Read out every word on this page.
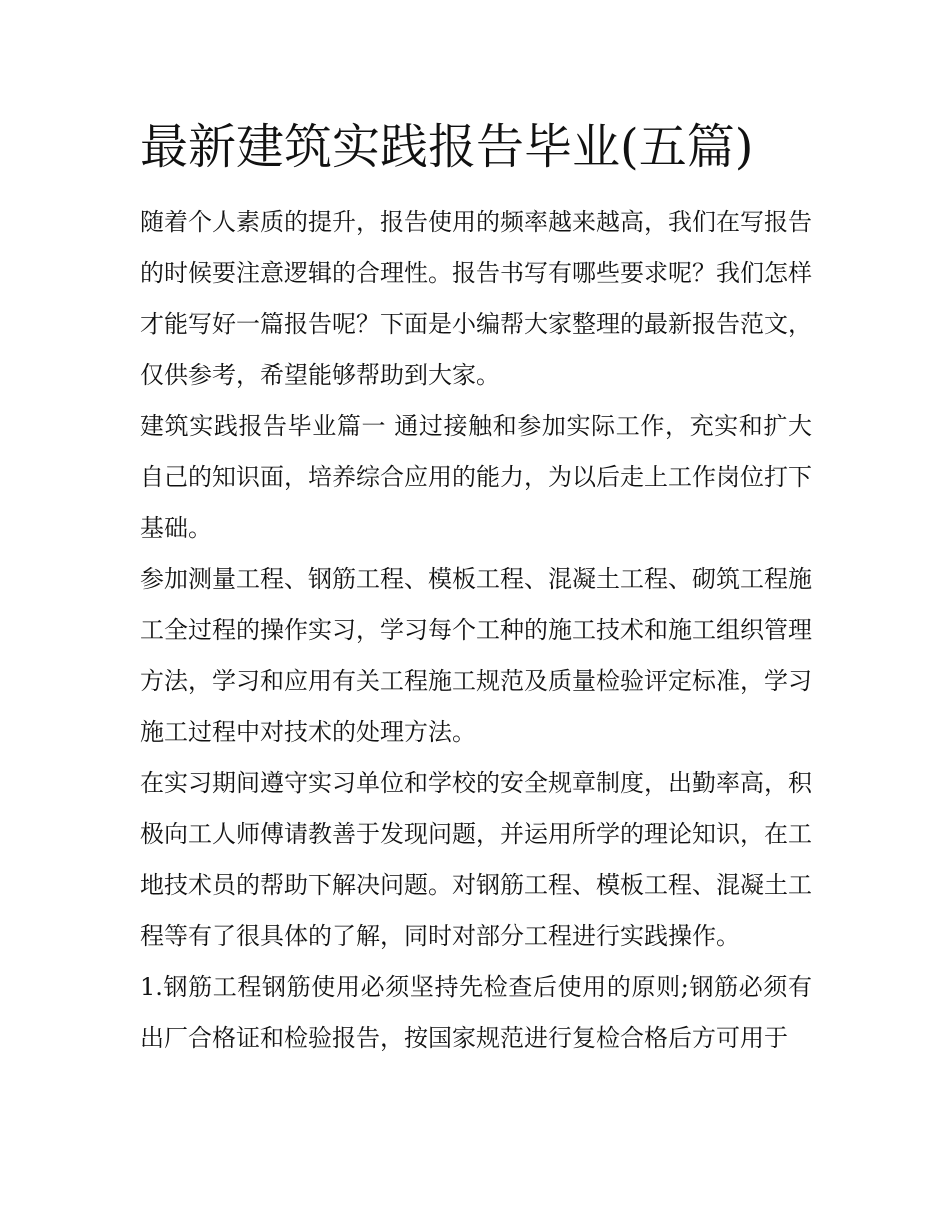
最新建筑实践报告毕业(五篇)

随着个人素质的提升，报告使用的频率越来越高，我们在写报告的时候要注意逻辑的合理性。报告书写有哪些要求呢？我们怎样才能写好一篇报告呢？下面是小编帮大家整理的最新报告范文，仅供参考，希望能够帮助到大家。

建筑实践报告毕业篇一 通过接触和参加实际工作，充实和扩大自己的知识面，培养综合应用的能力，为以后走上工作岗位打下基础。

参加测量工程、钢筋工程、模板工程、混凝土工程、砌筑工程施工全过程的操作实习，学习每个工种的施工技术和施工组织管理方法，学习和应用有关工程施工规范及质量检验评定标准，学习施工过程中对技术的处理方法。

在实习期间遵守实习单位和学校的安全规章制度，出勤率高，积极向工人师傅请教善于发现问题，并运用所学的理论知识，在工地技术员的帮助下解决问题。对钢筋工程、模板工程、混凝土工程等有了很具体的了解，同时对部分工程进行实践操作。

1.钢筋工程钢筋使用必须坚持先检查后使用的原则;钢筋必须有出厂合格证和检验报告，按国家规范进行复检合格后方可用于
